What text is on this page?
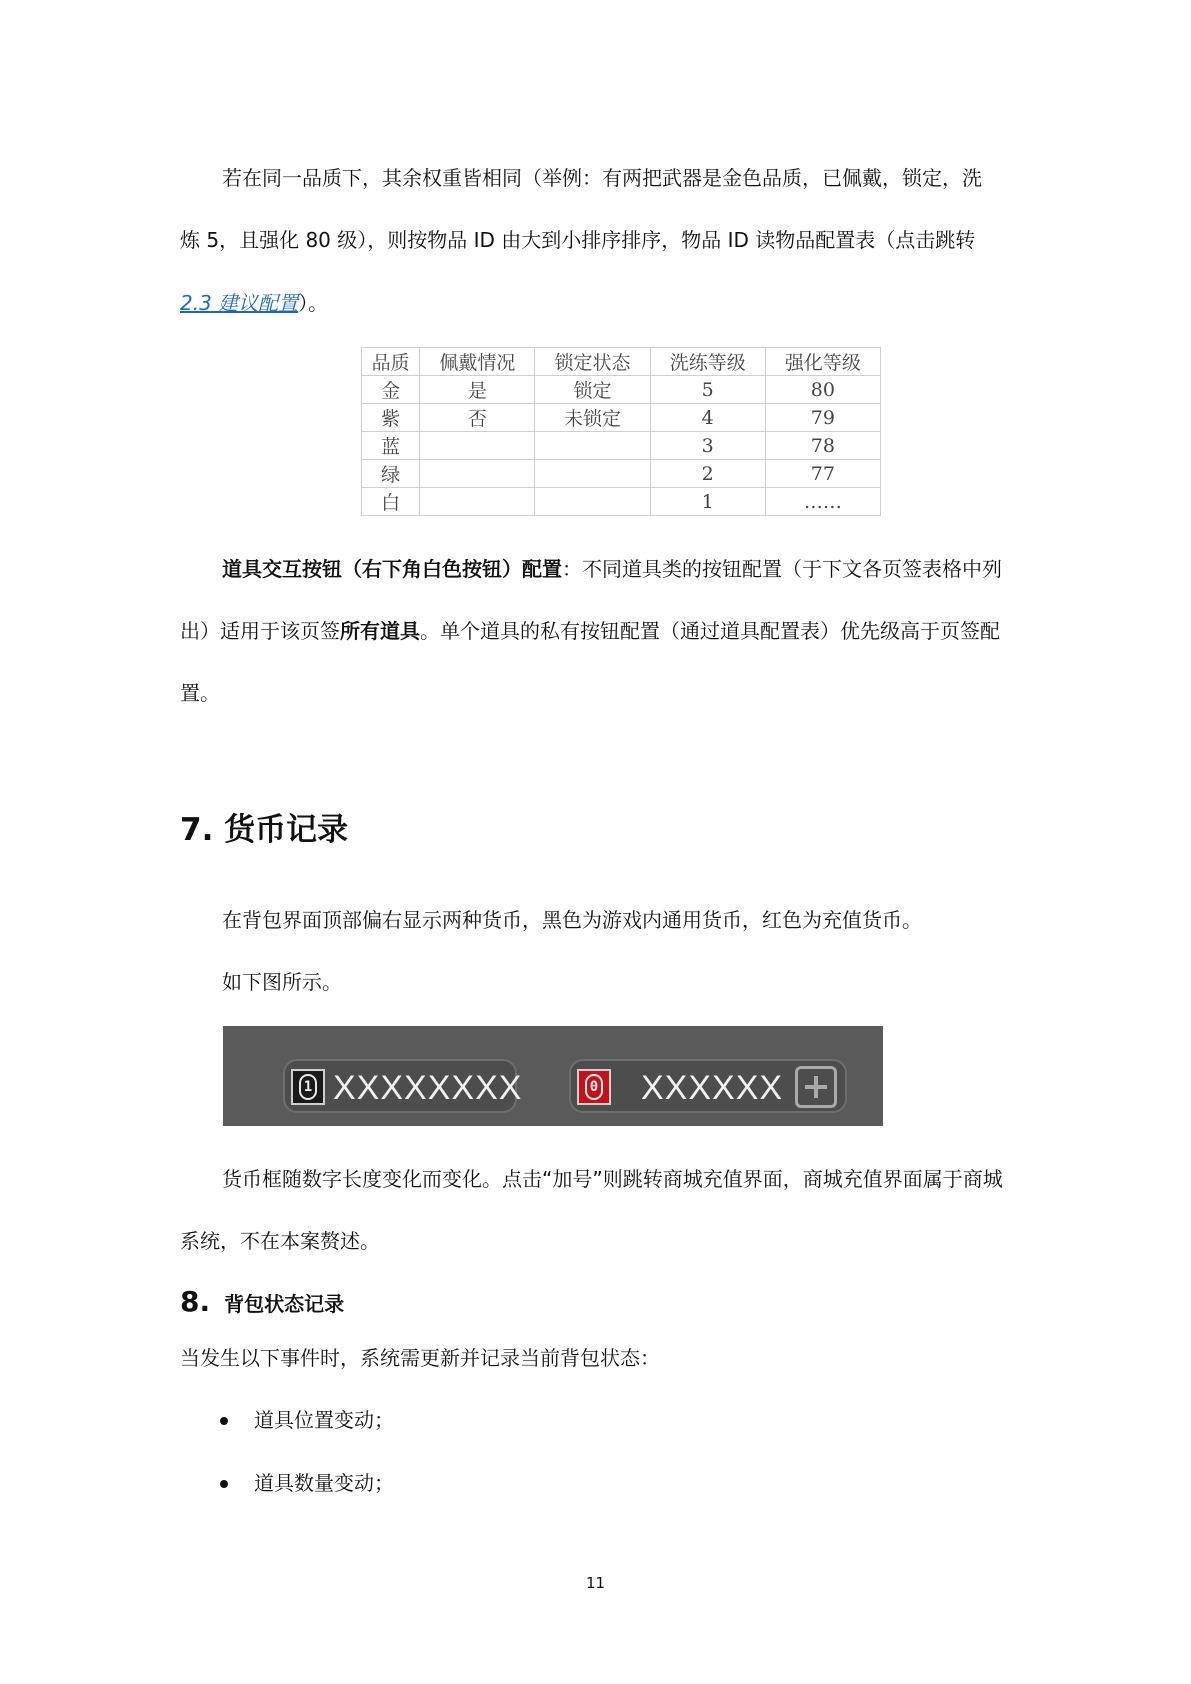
若在同一品质下，其余权重皆相同（举例：有两把武器是金色品质，已佩戴，锁定，洗

炼 5，且强化 80 级），则按物品 ID 由大到小排序排序，物品 ID 读物品配置表（点击跳转

2.3 建议配置）。

品质	佩戴情况	锁定状态	洗练等级	强化等级
金	是	锁定	5	80
紫	否	未锁定	4	79
蓝			3	78
绿			2	77
白			1	……

道具交互按钮（右下角白色按钮）配置：不同道具类的按钮配置（于下文各页签表格中列出）适用于该页签所有道具。单个道具的私有按钮配置（通过道具配置表）优先级高于页签配置。

7. 货币记录

在背包界面顶部偏右显示两种货币，黑色为游戏内通用货币，红色为充值货币。

如下图所示。

1 XXXXXXXX	0 XXXXXX

货币框随数字长度变化而变化。点击“加号”则跳转商城充值界面，商城充值界面属于商城系统，不在本案赘述。

8. 背包状态记录

当发生以下事件时，系统需更新并记录当前背包状态：

道具位置变动；
道具数量变动；
11
